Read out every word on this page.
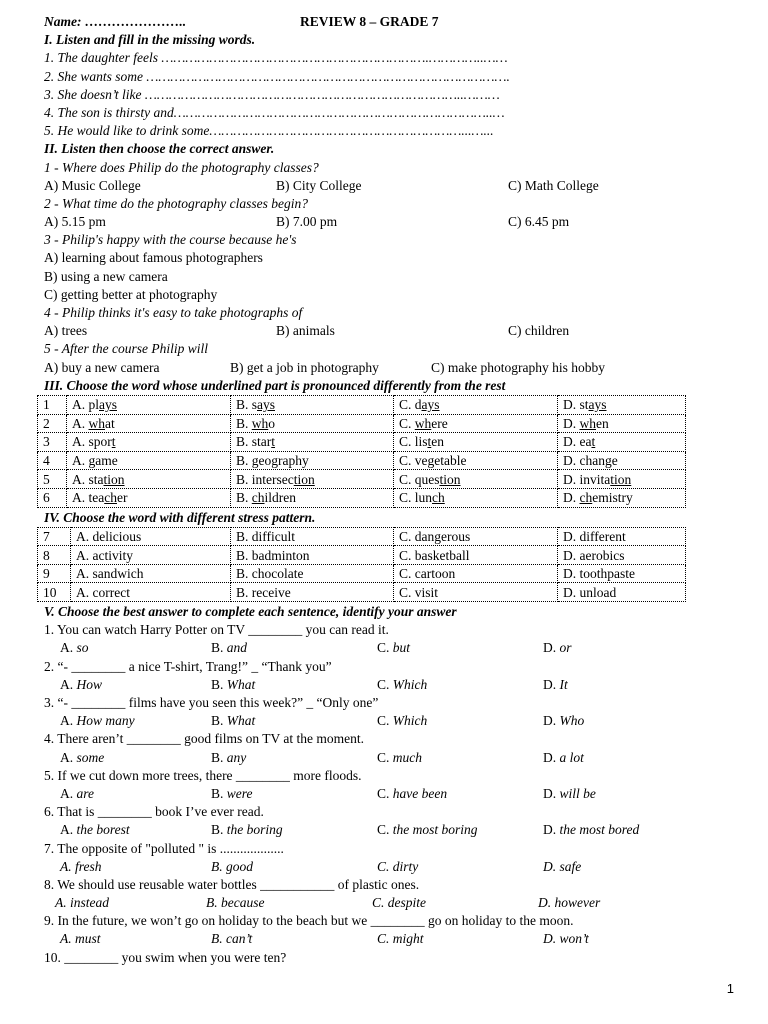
Name: …………………..	REVIEW 8 – GRADE 7
I. Listen and fill in the missing words.
1. The daughter feels ………………………………………………………….…………..……
2. She wants some ……………………………………………………………………………….
3. She doesn’t like ……………………………………………………………………..………
4. The son is thirsty and……………………………………………………………………..…
5. He would like to drink some………………………………………………………...…...
II. Listen then choose the correct answer.
1 - Where does Philip do the photography classes?
A) Music College	B) City College	C) Math College
2 - What time do the photography classes begin?
A) 5.15 pm	B) 7.00 pm	C) 6.45 pm
3 - Philip's happy with the course because he's
A) learning about famous photographers
B) using a new camera
C) getting better at photography
4 - Philip thinks it's easy to take photographs of
A) trees	B) animals	C) children
5 - After the course Philip will
A) buy a new camera	B) get a job in photography	C) make photography his hobby
III. Choose the word whose underlined part is pronounced differently from the rest
1	A. plays	B. says	C. days	D. stays
2	A. what	B. who	C. where	D. when
3	A. sport	B. start	C. listen	D. eat
4	A. game	B. geography	C. vegetable	D. change
5	A. station	B. intersection	C. question	D. invitation
6	A. teacher	B. children	C. lunch	D. chemistry
IV. Choose the word with different stress pattern.
7	A. delicious	B. difficult	C. dangerous	D. different
8	A. activity	B. badminton	C. basketball	D. aerobics
9	A. sandwich	B. chocolate	C. cartoon	D. toothpaste
10	A. correct	B. receive	C. visit	D. unload
V. Choose the best answer to complete each sentence, identify your answer
1. You can watch Harry Potter on TV ________ you can read it.
A. so	B. and	C. but	D. or
2. “- ________ a nice T-shirt, Trang!” _ “Thank you”
A. How	B. What	C. Which	D. It
3. “- ________ films have you seen this week?” _ “Only one”
A. How many	B. What	C. Which	D. Who
4. There aren’t ________ good films on TV at the moment.
A. some	B. any	C. much	D. a lot
5. If we cut down more trees, there ________ more floods.
A. are	B. were	C. have been	D. will be
6. That is ________ book I’ve ever read.
A. the borest	B. the boring	C. the most boring	D. the most bored
7. The opposite of "polluted " is ...................
A. fresh	B. good	C. dirty	D. safe
8. We should use reusable water bottles ___________ of plastic ones.
A. instead	B. because	C. despite	D. however
9. In the future, we won’t go on holiday to the beach but we ________ go on holiday to the moon.
A. must	B. can’t	C. might	D. won’t
10. ________ you swim when you were ten?
1
